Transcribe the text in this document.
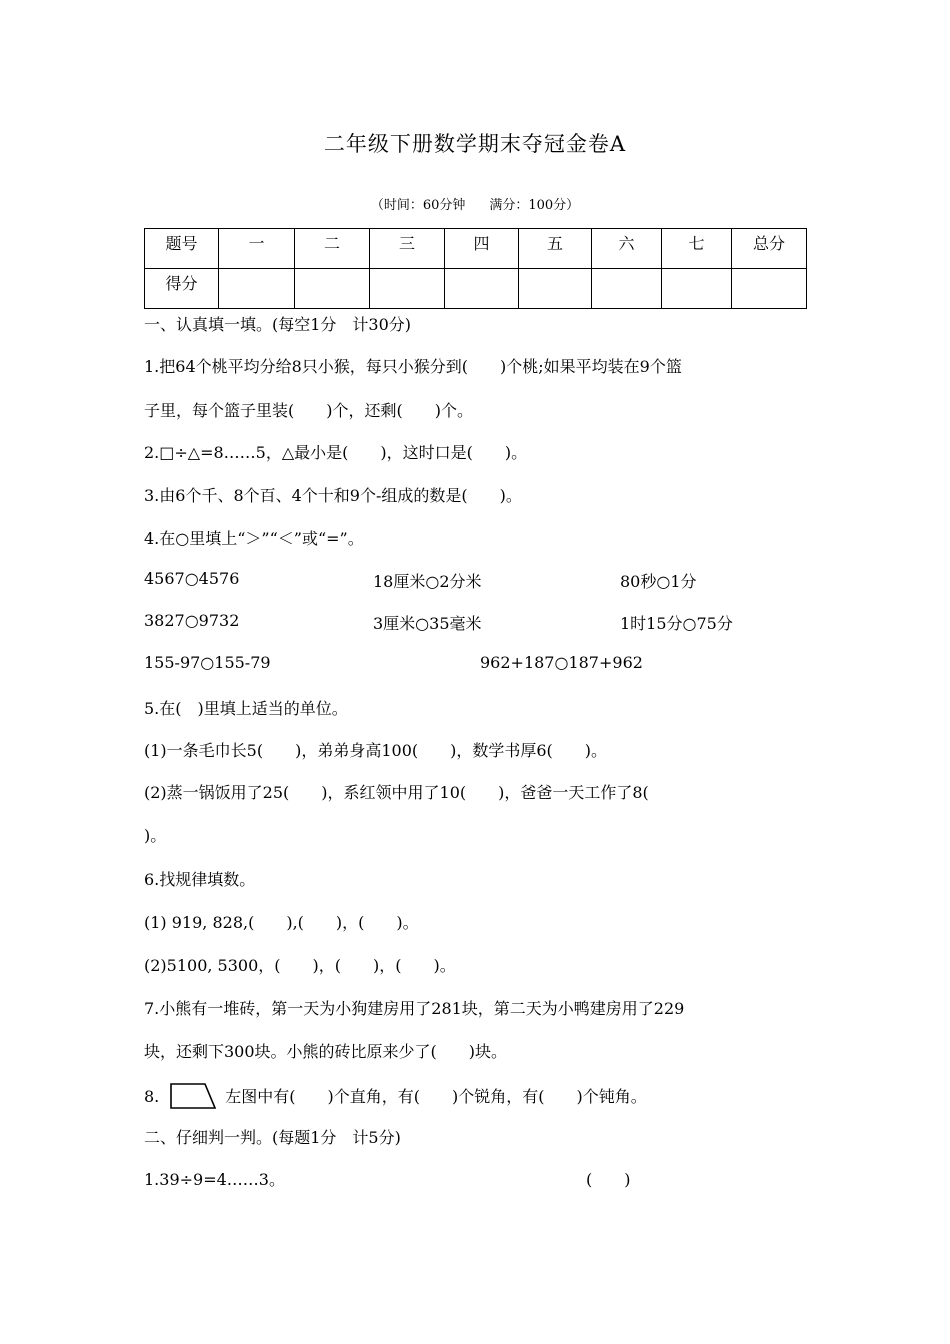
二年级下册数学期末夺冠金卷A
（时间：60分钟 满分：100分）
题号	一	二	三	四	五	六	七	总分
得分								
一、认真填一填。(每空1分　计30分)
1.把64个桃平均分给8只小猴，每只小猴分到(　　)个桃;如果平均装在9个篮
子里，每个篮子里装(　　)个，还剩(　　)个。
2.□÷△=8……5，△最小是(　　)，这时口是(　　)。
3.由6个千、8个百、4个十和9个-组成的数是(　　)。
4.在○里填上“＞”“＜”或“=”。
4567○4576	18厘米○2分米	80秒○1分
3827○9732	3厘米○35毫米	1时15分○75分
155-97○155-79	962+187○187+962
5.在(　)里填上适当的单位。
(1)一条毛巾长5(　　)，弟弟身高100(　　)，数学书厚6(　　)。
(2)蒸一锅饭用了25(　　)，系红领中用了10(　　)，爸爸一天工作了8(
)。
6.找规律填数。
(1) 919, 828,(　　),(　　)，(　　)。
(2)5100, 5300，(　　)，(　　)，(　　)。
7.小熊有一堆砖，第一天为小狗建房用了281块，第二天为小鸭建房用了229
块，还剩下300块。小熊的砖比原来少了(　　)块。
8.	左图中有(　　)个直角，有(　　)个锐角，有(　　)个钝角。
二、仔细判一判。(每题1分　计5分)
1.39÷9=4……3。	(　　)
